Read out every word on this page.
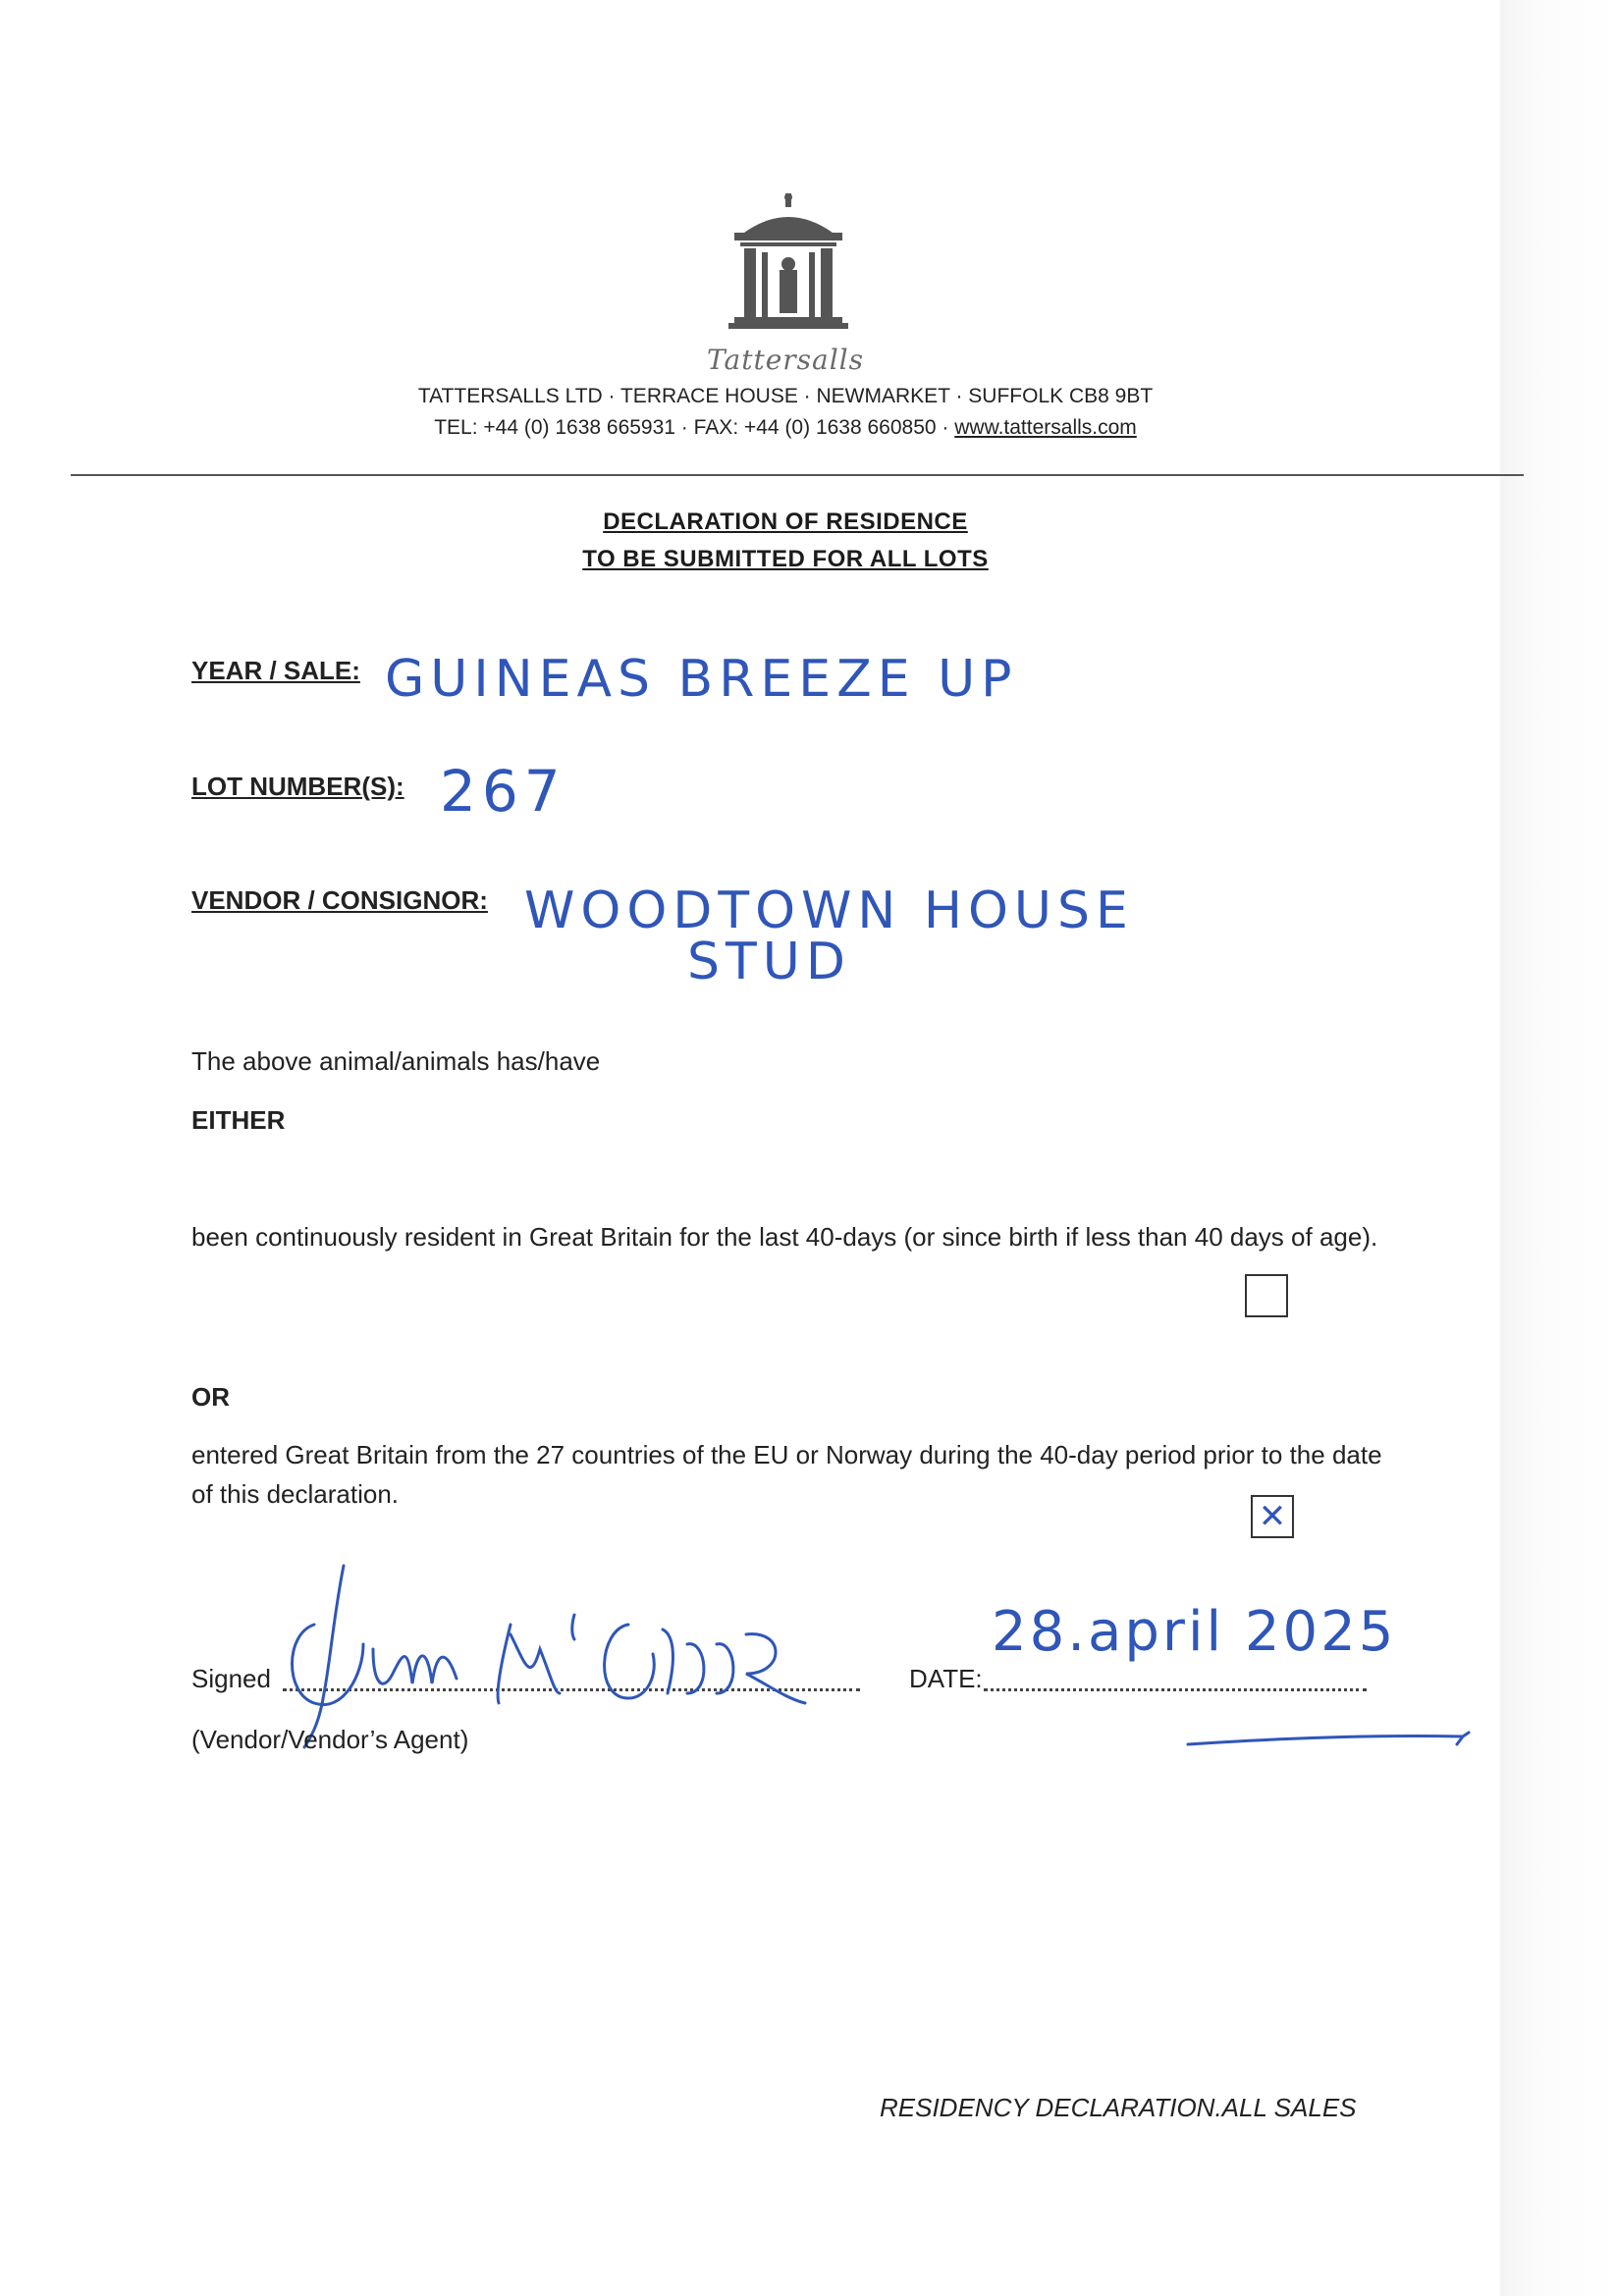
Tattersalls
TATTERSALLS LTD · TERRACE HOUSE · NEWMARKET · SUFFOLK CB8 9BT
TEL: +44 (0) 1638 665931 · FAX: +44 (0) 1638 660850 · www.tattersalls.com
DECLARATION OF RESIDENCE
TO BE SUBMITTED FOR ALL LOTS
YEAR / SALE: GUINEAS BREEZE UP
LOT NUMBER(S): 267
VENDOR / CONSIGNOR: WOODTOWN HOUSE
STUD
The above animal/animals has/have
EITHER
been continuously resident in Great Britain for the last 40-days (or since birth if less than 40 days of age).
OR
entered Great Britain from the 27 countries of the EU or Norway during the 40-day period prior to the date of this declaration.
✕
Signed
(Vendor/Vendor’s Agent)
DATE:
28.april 2025
RESIDENCY DECLARATION.ALL SALES
